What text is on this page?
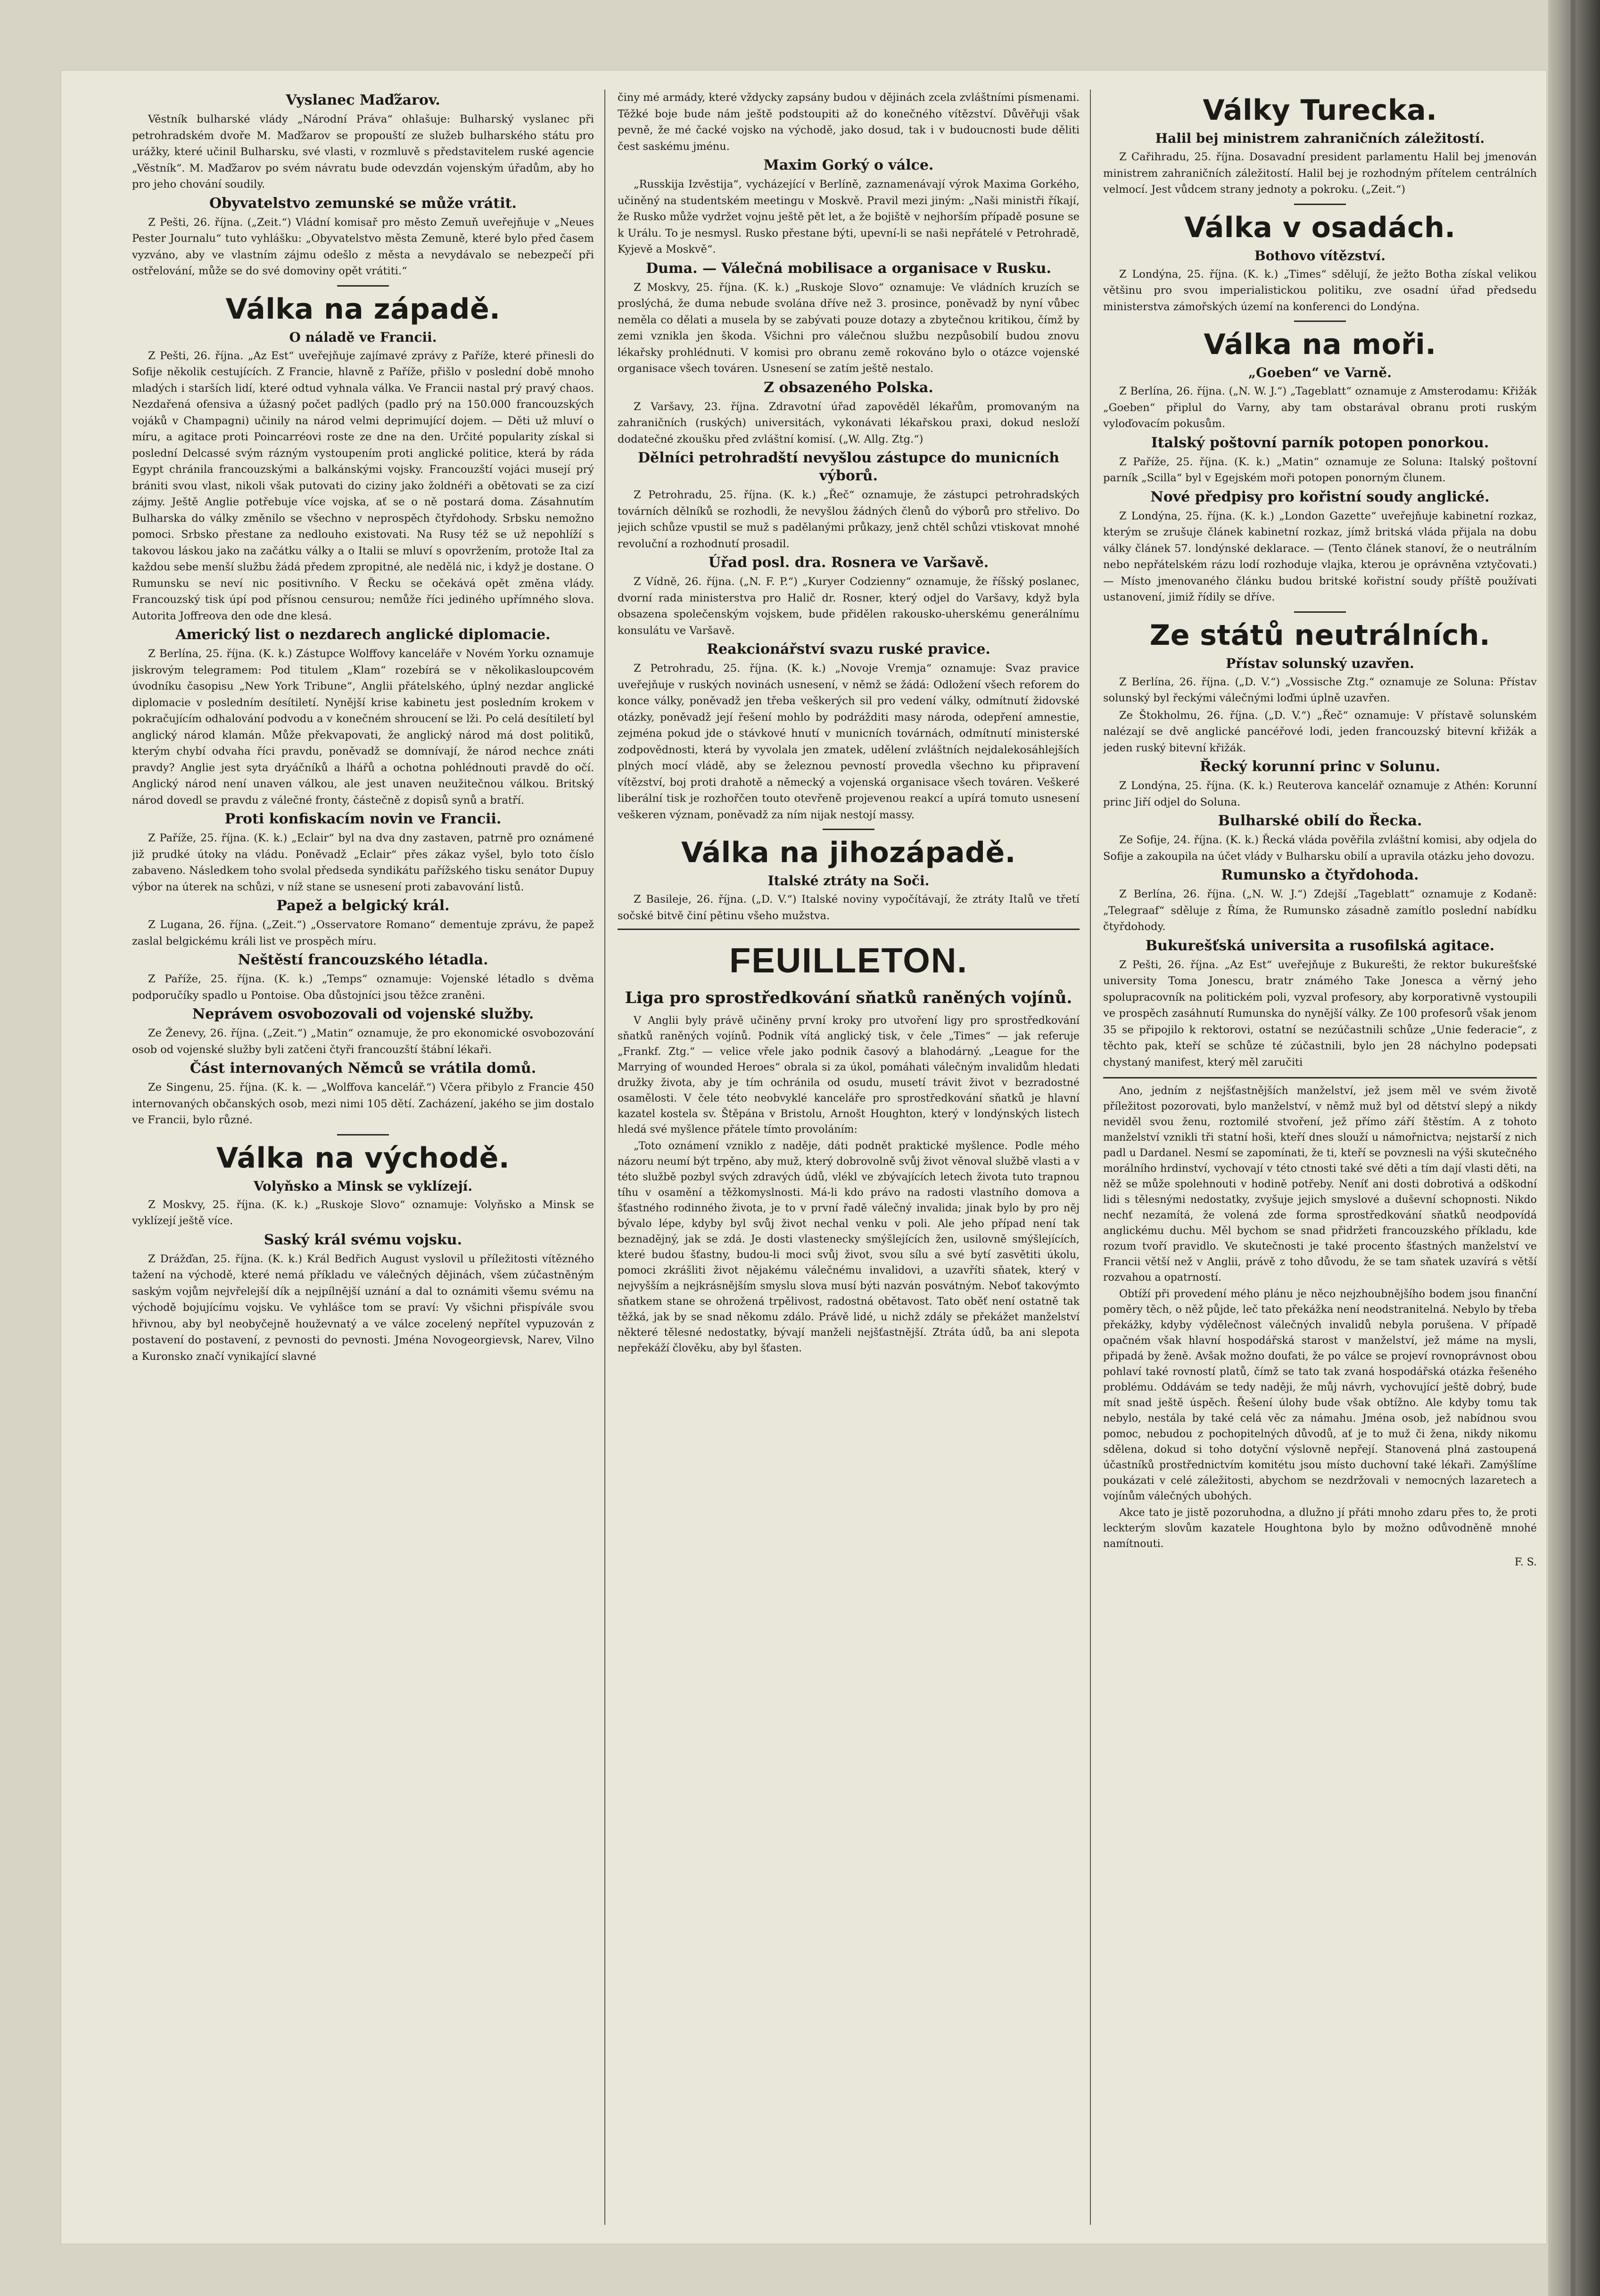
Vyslanec Maďžarov.

Věstník bulharské vlády „Národní Práva“ ohlašuje: Bulharský vyslanec při petrohradském dvoře M. Maďžarov se propouští ze služeb bulharského státu pro urážky, které učinil Bulharsku, své vlasti, v rozmluvě s představitelem ruské agencie „Věstník“. M. Maďžarov po svém návratu bude odevzdán vojenským úřadům, aby ho pro jeho chování soudily.

Obyvatelstvo zemunské se může vrátit.

Z Pešti, 26. října. („Zeit.“) Vládní komisař pro město Zemuň uveřejňuje v „Neues Pester Journalu“ tuto vyhlášku: „Obyvatelstvo města Zemuně, které bylo před časem vyzváno, aby ve vlastním zájmu odešlo z města a nevydávalo se nebezpečí při ostřelování, může se do své domoviny opět vrátiti.“

Válka na západě.
O náladě ve Francii.

Z Pešti, 26. října. „Az Est“ uveřejňuje zajímavé zprávy z Paříže, které přinesli do Sofije několik cestujících. Z Francie, hlavně z Paříže, přišlo v poslední době mnoho mladých i starších lidí, které odtud vyhnala válka. Ve Francii nastal prý pravý chaos. Nezdařená ofensiva a úžasný počet padlých (padlo prý na 150.000 francouzských vojáků v Champagni) učinily na národ velmi deprimující dojem. — Děti už mluví o míru, a agitace proti Poincarréovi roste ze dne na den. Určité popularity získal si poslední Delcassé svým rázným vystoupením proti anglické politice, která by ráda Egypt chránila francouzskými a balkánskými vojsky. Francouzští vojáci musejí prý brániti svou vlast, nikoli však putovati do ciziny jako žoldnéři a obětovati se za cizí zájmy. Ještě Anglie potřebuje více vojska, ať se o ně postará doma. Zásahnutím Bulharska do války změnilo se všechno v neprospěch čtyřdohody. Srbsku nemožno pomoci. Srbsko přestane za nedlouho existovati. Na Rusy též se už nepohlíží s takovou láskou jako na začátku války a o Italii se mluví s opovržením, protože Ital za každou sebe menší službu žádá předem zpropitné, ale nedělá nic, i když je dostane. O Rumunsku se neví nic positivního. V Řecku se očekává opět změna vlády. Francouzský tisk úpí pod přísnou censurou; nemůže říci jediného upřímného slova. Autorita Joffreova den ode dne klesá.

Americký list o nezdarech anglické diplomacie.

Z Berlína, 25. října. (K. k.) Zástupce Wolffovy kanceláře v Novém Yorku oznamuje jiskrovým telegramem: Pod titulem „Klam“ rozebírá se v několikasloupcovém úvodníku časopisu „New York Tribune“, Anglii přátelského, úplný nezdar anglické diplomacie v posledním desítiletí. Nynější krise kabinetu jest posledním krokem v pokračujícím odhalování podvodu a v konečném shroucení se lži. Po celá desítiletí byl anglický národ klamán. Může překvapovati, že anglický národ má dost politiků, kterým chybí odvaha říci pravdu, poněvadž se domnívají, že národ nechce znáti pravdy? Anglie jest syta dryáčníků a lhářů a ochotna pohlédnouti pravdě do očí. Anglický národ není unaven válkou, ale jest unaven neužitečnou válkou. Britský národ dovedl se pravdu z válečné fronty, částečně z dopisů synů a bratří.

Proti konfiskacím novin ve Francii.

Z Paříže, 25. října. (K. k.) „Eclair“ byl na dva dny zastaven, patrně pro oznámené již prudké útoky na vládu. Poněvadž „Eclair“ přes zákaz vyšel, bylo toto číslo zabaveno. Následkem toho svolal předseda syndikátu pařížského tisku senátor Dupuy výbor na úterek na schůzi, v níž stane se usnesení proti zabavování listů.

Papež a belgický král.

Z Lugana, 26. října. („Zeit.“) „Osservatore Romano“ dementuje zprávu, že papež zaslal belgickému králi list ve prospěch míru.

Neštěstí francouzského létadla.

Z Paříže, 25. října. (K. k.) „Temps“ oznamuje: Vojenské létadlo s dvěma podporučíky spadlo u Pontoise. Oba důstojníci jsou těžce zraněni.

Neprávem osvobozovali od vojenské služby.

Ze Ženevy, 26. října. („Zeit.“) „Matin“ oznamuje, že pro ekonomické osvobozování osob od vojenské služby byli zatčeni čtyři francouzští štábní lékaři.

Část internovaných Němců se vrátila domů.

Ze Singenu, 25. října. (K. k. — „Wolffova kancelář.“) Včera přibylo z Francie 450 internovaných občanských osob, mezi nimi 105 dětí. Zacházení, jakého se jim dostalo ve Francii, bylo různé.

Válka na východě.
Volyňsko a Minsk se vyklízejí.

Z Moskvy, 25. října. (K. k.) „Ruskoje Slovo“ oznamuje: Volyňsko a Minsk se vyklízejí ještě více.

Saský král svému vojsku.

Z Drážďan, 25. října. (K. k.) Král Bedřich August vyslovil u příležitosti vítězného tažení na východě, které nemá příkladu ve válečných dějinách, všem zúčastněným saským vojům nejvřelejší dík a nejpílnější uznání a dal to oznámiti všemu svému na východě bojujícímu vojsku. Ve vyhlášce tom se praví: Vy všichni přispívále svou hřivnou, aby byl neobyčejně houževnatý a ve válce zocelený nepřítel vypuzován z postavení do postavení, z pevnosti do pevnosti. Jména Novogeorgievsk, Narev, Vilno a Kuronsko značí vynikající slavné

činy mé armády, které vždycky zapsány budou v dějinách zcela zvláštními písmenami. Těžké boje bude nám ještě podstoupiti až do konečného vítězství. Důvěřuji však pevně, že mé čacké vojsko na východě, jako dosud, tak i v budoucnosti bude děliti čest saskému jménu.

Maxim Gorký o válce.

„Russkija Izvěstija“, vycházející v Berlíně, zaznamenávají výrok Maxima Gorkého, učiněný na studentském meetingu v Moskvě. Pravil mezi jiným: „Naši ministři říkají, že Rusko může vydržet vojnu ještě pět let, a že bojiště v nejhorším případě posune se k Urálu. To je nesmysl. Rusko přestane býti, upevní-li se naši nepřátelé v Petrohradě, Kyjevě a Moskvě“.

Duma. — Válečná mobilisace a organisace v Rusku.

Z Moskvy, 25. října. (K. k.) „Ruskoje Slovo“ oznamuje: Ve vládních kruzích se proslýchá, že duma nebude svolána dříve než 3. prosince, poněvadž by nyní vůbec neměla co dělati a musela by se zabývati pouze dotazy a zbytečnou kritikou, čímž by zemi vznikla jen škoda. Všichni pro válečnou službu nezpůsobilí budou znovu lékařsky prohlédnuti. V komisi pro obranu země rokováno bylo o otázce vojenské organisace všech továren. Usnesení se zatím ještě nestalo.

Z obsazeného Polska.

Z Varšavy, 23. října. Zdravotní úřad zapověděl lékařům, promovaným na zahraničních (ruských) universitách, vykonávati lékařskou praxi, dokud nesloží dodatečné zkoušku před zvláštní komisí. („W. Allg. Ztg.“)

Dělníci petrohradští nevyšlou zástupce do municních výborů.

Z Petrohradu, 25. října. (K. k.) „Řeč“ oznamuje, že zástupci petrohradských továrních dělníků se rozhodli, že nevyšlou žádných členů do výborů pro střelivo. Do jejich schůze vpustil se muž s padělanými průkazy, jenž chtěl schůzi vtiskovat mnohé revoluční a rozhodnutí prosadil.

Úřad posl. dra. Rosnera ve Varšavě.

Z Vídně, 26. října. („N. F. P.“) „Kuryer Codzienny“ oznamuje, že říšský poslanec, dvorní rada ministerstva pro Halič dr. Rosner, který odjel do Varšavy, když byla obsazena společenským vojskem, bude přidělen rakousko-uherskému generálnímu konsulátu ve Varšavě.

Reakcionářství svazu ruské pravice.

Z Petrohradu, 25. října. (K. k.) „Novoje Vremja“ oznamuje: Svaz pravice uveřejňuje v ruských novinách usnesení, v němž se žádá: Odložení všech reforem do konce války, poněvadž jen třeba veškerých sil pro vedení války, odmítnutí židovské otázky, poněvadž její řešení mohlo by podrážditi masy národa, odepření amnestie, zejména pokud jde o stávkové hnutí v municních továrnách, odmítnutí ministerské zodpovědnosti, která by vyvolala jen zmatek, udělení zvláštních nejdalekosáhlejších plných mocí vládě, aby se železnou pevností provedla všechno ku připravení vítězství, boj proti drahotě a německý a vojenská organisace všech továren. Veškeré liberální tisk je rozhořčen touto otevřeně projevenou reakcí a upírá tomuto usnesení veškeren význam, poněvadž za ním nijak nestojí massy.

Válka na jihozápadě.
Italské ztráty na Soči.

Z Basileje, 26. října. („D. V.“) Italské noviny vypočítávají, že ztráty Italů ve třetí sočské bitvě činí pětinu všeho mužstva.

FEUILLETON.
Liga pro sprostředkování sňatků raněných vojínů.

V Anglii byly právě učiněny první kroky pro utvoření ligy pro sprostředkování sňatků raněných vojínů. Podnik vítá anglický tisk, v čele „Times“ — jak referuje „Frankf. Ztg.“ — velice vřele jako podnik časový a blahodárný. „League for the Marrying of wounded Heroes“ obrala si za úkol, pomáhati válečným invalidům hledati družky života, aby je tím ochránila od osudu, musetí trávit život v bezradostné osamělosti. V čele této neobvyklé kanceláře pro sprostředkování sňatků je hlavní kazatel kostela sv. Štěpána v Bristolu, Arnošt Houghton, který v londýnských listech hledá své myšlence přátele tímto provoláním:

„Toto oznámení vzniklo z naděje, dáti podnět praktické myšlence. Podle mého názoru neumí být trpěno, aby muž, který dobrovolně svůj život věnoval službě vlasti a v této službě pozbyl svých zdravých údů, vlékl ve zbývajících letech života tuto trapnou tíhu v osamění a těžkomyslnosti. Má-li kdo právo na radosti vlastního domova a šťastného rodinného života, je to v první řadě válečný invalida; jinak bylo by pro něj bývalo lépe, kdyby byl svůj život nechal venku v poli. Ale jeho případ není tak beznadějný, jak se zdá. Je dosti vlastenecky smýšlejících žen, usilovně smýšlejících, které budou šťastny, budou-li moci svůj život, svou sílu a své bytí zasvětiti úkolu, pomoci zkrášliti život nějakému válečnému invalidovi, a uzavříti sňatek, který v nejvyšším a nejkrásnějším smyslu slova musí býti nazván posvátným. Neboť takovýmto sňatkem stane se ohrožená trpělivost, radostná obětavost. Tato oběť není ostatně tak těžká, jak by se snad někomu zdálo. Právě lidé, u nichž zdály se překážet manželství některé tělesné nedostatky, bývají manželi nejšťastnější. Ztráta údů, ba ani slepota nepřekáží člověku, aby byl šťasten.

Války Turecka.
Halil bej ministrem zahraničních záležitostí.

Z Cařihradu, 25. října. Dosavadní president parlamentu Halil bej jmenován ministrem zahraničních záležitostí. Halil bej je rozhodným přítelem centrálních velmocí. Jest vůdcem strany jednoty a pokroku. („Zeit.“)

Válka v osadách.
Bothovo vítězství.

Z Londýna, 25. října. (K. k.) „Times“ sdělují, že ježto Botha získal velikou většinu pro svou imperialistickou politiku, zve osadní úřad předsedu ministerstva zámořských území na konferenci do Londýna.

Válka na moři.
„Goeben“ ve Varně.

Z Berlína, 26. října. („N. W. J.“) „Tageblatt“ oznamuje z Amsterodamu: Křižák „Goeben“ připlul do Varny, aby tam obstarával obranu proti ruským vyloďovacím pokusům.

Italský poštovní parník potopen ponorkou.

Z Paříže, 25. října. (K. k.) „Matin“ oznamuje ze Soluna: Italský poštovní parník „Scilla“ byl v Egejském moři potopen ponorným člunem.

Nové předpisy pro kořistní soudy anglické.

Z Londýna, 25. října. (K. k.) „London Gazette“ uveřejňuje kabinetní rozkaz, kterým se zrušuje článek kabinetní rozkaz, jímž britská vláda přijala na dobu války článek 57. londýnské deklarace. — (Tento článek stanoví, že o neutrálním nebo nepřátelském rázu lodí rozhoduje vlajka, kterou je oprávněna vztyčovati.) — Místo jmenovaného článku budou britské kořistní soudy příště používati ustanovení, jimiž řídily se dříve.

Ze států neutrálních.
Přístav solunský uzavřen.

Z Berlína, 26. října. („D. V.“) „Vossische Ztg.“ oznamuje ze Soluna: Přístav solunský byl řeckými válečnými loďmi úplně uzavřen.

Ze Štokholmu, 26. října. („D. V.“) „Řeč“ oznamuje: V přístavě solunském nalézají se dvě anglické pancéřové lodi, jeden francouzský bitevní křižák a jeden ruský bitevní křižák.

Řecký korunní princ v Solunu.

Z Londýna, 25. října. (K. k.) Reuterova kancelář oznamuje z Athén: Korunní princ Jiří odjel do Soluna.

Bulharské obilí do Řecka.

Ze Sofije, 24. října. (K. k.) Řecká vláda pověřila zvláštní komisi, aby odjela do Sofije a zakoupila na účet vlády v Bulharsku obilí a upravila otázku jeho dovozu.

Rumunsko a čtyřdohoda.

Z Berlína, 26. října. („N. W. J.“) Zdejší „Tageblatt“ oznamuje z Kodaně: „Telegraaf“ sděluje z Říma, že Rumunsko zásadně zamítlo poslední nabídku čtyřdohody.

Bukurešťská universita a rusofilská agitace.

Z Pešti, 26. října. „Az Est“ uveřejňuje z Bukurešti, že rektor bukurešťské university Toma Jonescu, bratr známého Take Jonesca a věrný jeho spolupracovník na politickém poli, vyzval profesory, aby korporativně vystoupili ve prospěch zasáhnutí Rumunska do nynější války. Ze 100 profesorů však jenom 35 se připojilo k rektorovi, ostatní se nezúčastnili schůze „Unie federacie“, z těchto pak, kteří se schůze té zúčastnili, bylo jen 28 náchylno podepsati chystaný manifest, který měl zaručiti

Ano, jedním z nejšťastnějších manželství, jež jsem měl ve svém životě příležitost pozorovati, bylo manželství, v němž muž byl od dětství slepý a nikdy neviděl svou ženu, roztomilé stvoření, jež přímo září štěstím. A z tohoto manželství vznikli tři statní hoši, kteří dnes slouží u námořnictva; nejstarší z nich padl u Dardanel. Nesmí se zapomínati, že ti, kteří se povznesli na výši skutečného morálního hrdinství, vychovají v této ctnosti také své děti a tím dají vlasti děti, na něž se může spolehnouti v hodině potřeby. Neníť ani dosti dobrotivá a odškodní lidi s tělesnými nedostatky, zvyšuje jejich smyslové a duševní schopnosti. Nikdo nechť nezamítá, že volená zde forma sprostředkování sňatků neodpovídá anglickému duchu. Měl bychom se snad přidržeti francouzského příkladu, kde rozum tvoří pravidlo. Ve skutečnosti je také procento šťastných manželství ve Francii větší než v Anglii, právě z toho důvodu, že se tam sňatek uzavírá s větší rozvahou a opatrností.

Obtíží při provedení mého plánu je něco nejzhoubnějšího bodem jsou finanční poměry těch, o něž půjde, leč tato překážka není neodstranitelná. Nebylo by třeba překážky, kdyby výdělečnost válečných invalidů nebyla porušena. V případě opačném však hlavní hospodářská starost v manželství, jež máme na mysli, připadá by ženě. Avšak možno doufati, že po válce se projeví rovnoprávnost obou pohlaví také rovností platů, čímž se tato tak zvaná hospodářská otázka řešeného problému. Oddávám se tedy naději, že můj návrh, vychovující ještě dobrý, bude mít snad ještě úspěch. Řešení úlohy bude však obtížno. Ale kdyby tomu tak nebylo, nestála by také celá věc za námahu. Jména osob, jež nabídnou svou pomoc, nebudou z pochopitelných důvodů, ať je to muž či žena, nikdy nikomu sdělena, dokud si toho dotyční výslovně nepřejí. Stanovená plná zastoupená účastníků prostřednictvím komitétu jsou místo duchovní také lékaři. Zamýšlíme poukázati v celé záležitosti, abychom se nezdržovali v nemocných lazaretech a vojínům válečných ubohých.

Akce tato je jistě pozoruhodna, a dlužno jí přáti mnoho zdaru přes to, že proti leckterým slovům kazatele Houghtona bylo by možno odůvodněně mnohé namítnouti.

F. S.
